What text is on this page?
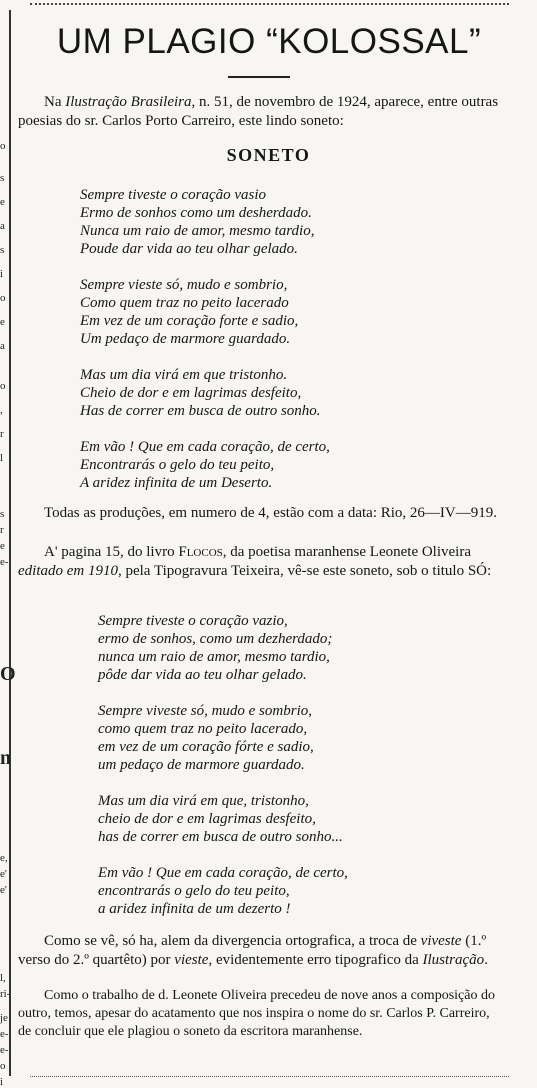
o
s
e
a
s
i
o
e
a
o
,
r
l
s
r
e
e-
O
n
e,
e'
e'
l,
ri-
je
e-
e-
o
i
UM PLAGIO “KOLOSSAL”

Na Ilustração Brasileira, n. 51, de novembro de 1924, aparece, entre outras poesias do sr. Carlos Porto Carreiro, este lindo soneto:

SONETO
Sempre tiveste o coração vasio
Ermo de sonhos como um desherdado.
Nunca um raio de amor, mesmo tardio,
Poude dar vida ao teu olhar gelado.
Sempre vieste só, mudo e sombrio,
Como quem traz no peito lacerado
Em vez de um coração forte e sadio,
Um pedaço de marmore guardado.
Mas um dia virá em que tristonho.
Cheio de dor e em lagrimas desfeito,
Has de correr em busca de outro sonho.
Em vão ! Que em cada coração, de certo,
Encontrarás o gelo do teu peito,
A aridez infinita de um Deserto.

Todas as produções, em numero de 4, estão com a data: Rio, 26—IV—919.

A' pagina 15, do livro Flocos, da poetisa maranhense Leonete Oliveira editado em 1910, pela Tipogravura Teixeira, vê-se este soneto, sob o titulo SÓ:

Sempre tiveste o coração vazio,
ermo de sonhos, como um dezherdado;
nunca um raio de amor, mesmo tardio,
pôde dar vida ao teu olhar gelado.
Sempre viveste só, mudo e sombrio,
como quem traz no peito lacerado,
em vez de um coração fórte e sadio,
um pedaço de marmore guardado.
Mas um dia virá em que, tristonho,
cheio de dor e em lagrimas desfeito,
has de correr em busca de outro sonho...
Em vão ! Que em cada coração, de certo,
encontrarás o gelo do teu peito,
a aridez infinita de um dezerto !

Como se vê, só ha, alem da divergencia ortografica, a troca de viveste (1.º verso do 2.º quartêto) por vieste, evidentemente erro tipografico da Ilustração.

Como o trabalho de d. Leonete Oliveira precedeu de nove anos a composição do outro, temos, apesar do acatamento que nos inspira o nome do sr. Carlos P. Carreiro, de concluir que ele plagiou o soneto da escritora maranhense.
